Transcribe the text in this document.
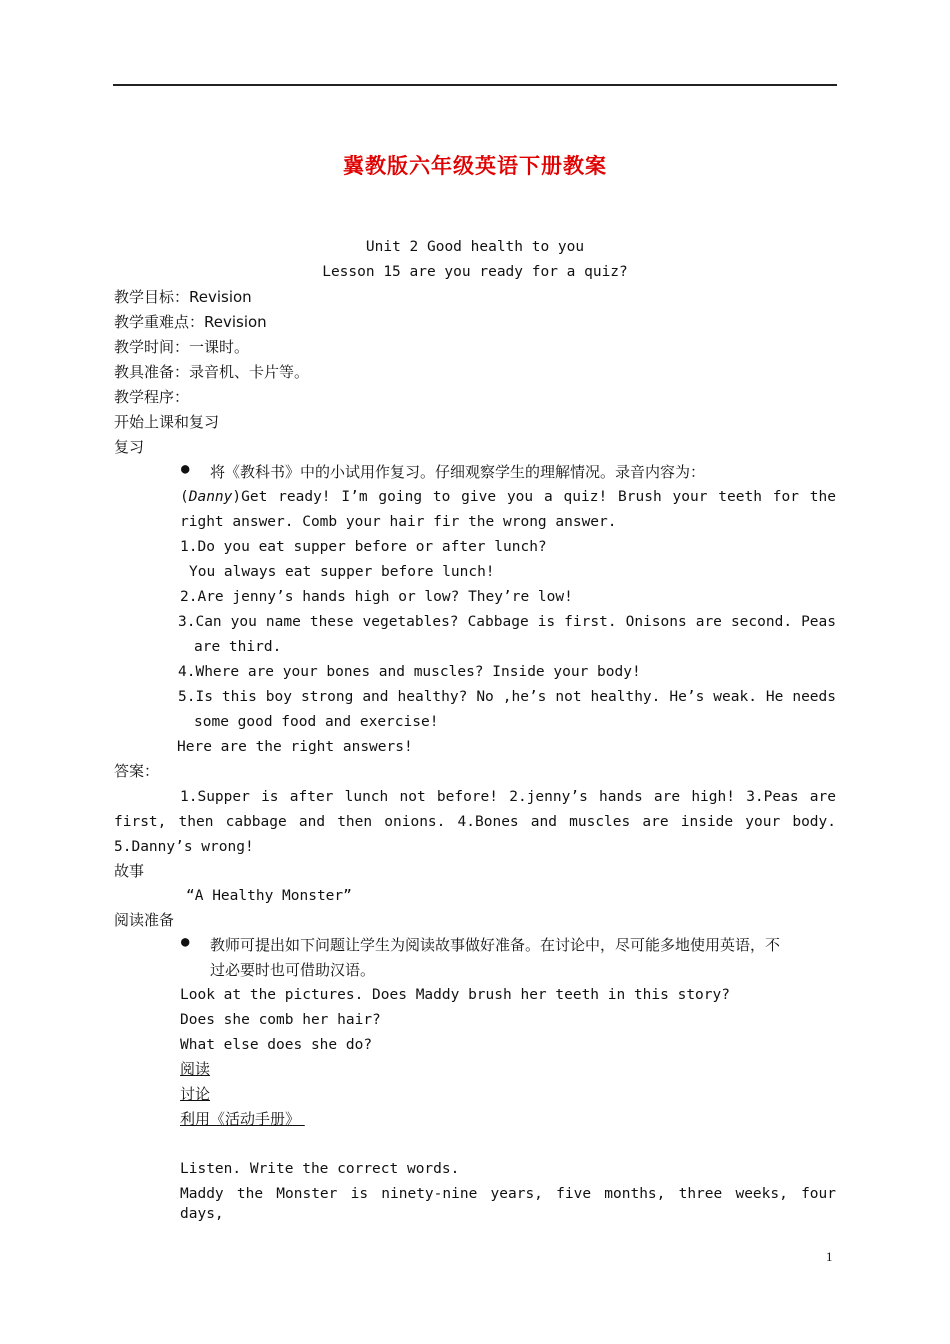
冀教版六年级英语下册教案
Unit 2 Good health to you
Lesson 15 are you ready for a quiz?
教学目标：Revision
教学重难点：Revision
教学时间：一课时。
教具准备：录音机、卡片等。
教学程序：
开始上课和复习
复习
● 将《教科书》中的小试用作复习。仔细观察学生的理解情况。录音内容为：
(Danny)Get ready! I’m going to give you a quiz! Brush your teeth for the
right answer. Comb your hair fir the wrong answer.
1.Do you eat supper before or after lunch?
You always eat supper before lunch!
2.Are jenny’s hands high or low? They’re low!
3.Can you name these vegetables? Cabbage is first. Onisons are second. Peas
are third.
4.Where are your bones and muscles? Inside your body!
5.Is this boy strong and healthy? No ,he’s not healthy. He’s weak. He needs
some good food and exercise!
Here are the right answers!
答案：
1.Supper is after lunch not before! 2.jenny’s hands are high! 3.Peas are
first, then cabbage and then onions. 4.Bones and muscles are inside your body.
5.Danny’s wrong!
故事
“A Healthy Monster”
阅读准备
● 教师可提出如下问题让学生为阅读故事做好准备。在讨论中，尽可能多地使用英语，不
过必要时也可借助汉语。
Look at the pictures. Does Maddy brush her teeth in this story?
Does she comb her hair?
What else does she do?
阅读
讨论
利用《活动手册》
Listen. Write the correct words.
Maddy the Monster is ninety-nine years, five months, three weeks, four days,
1
